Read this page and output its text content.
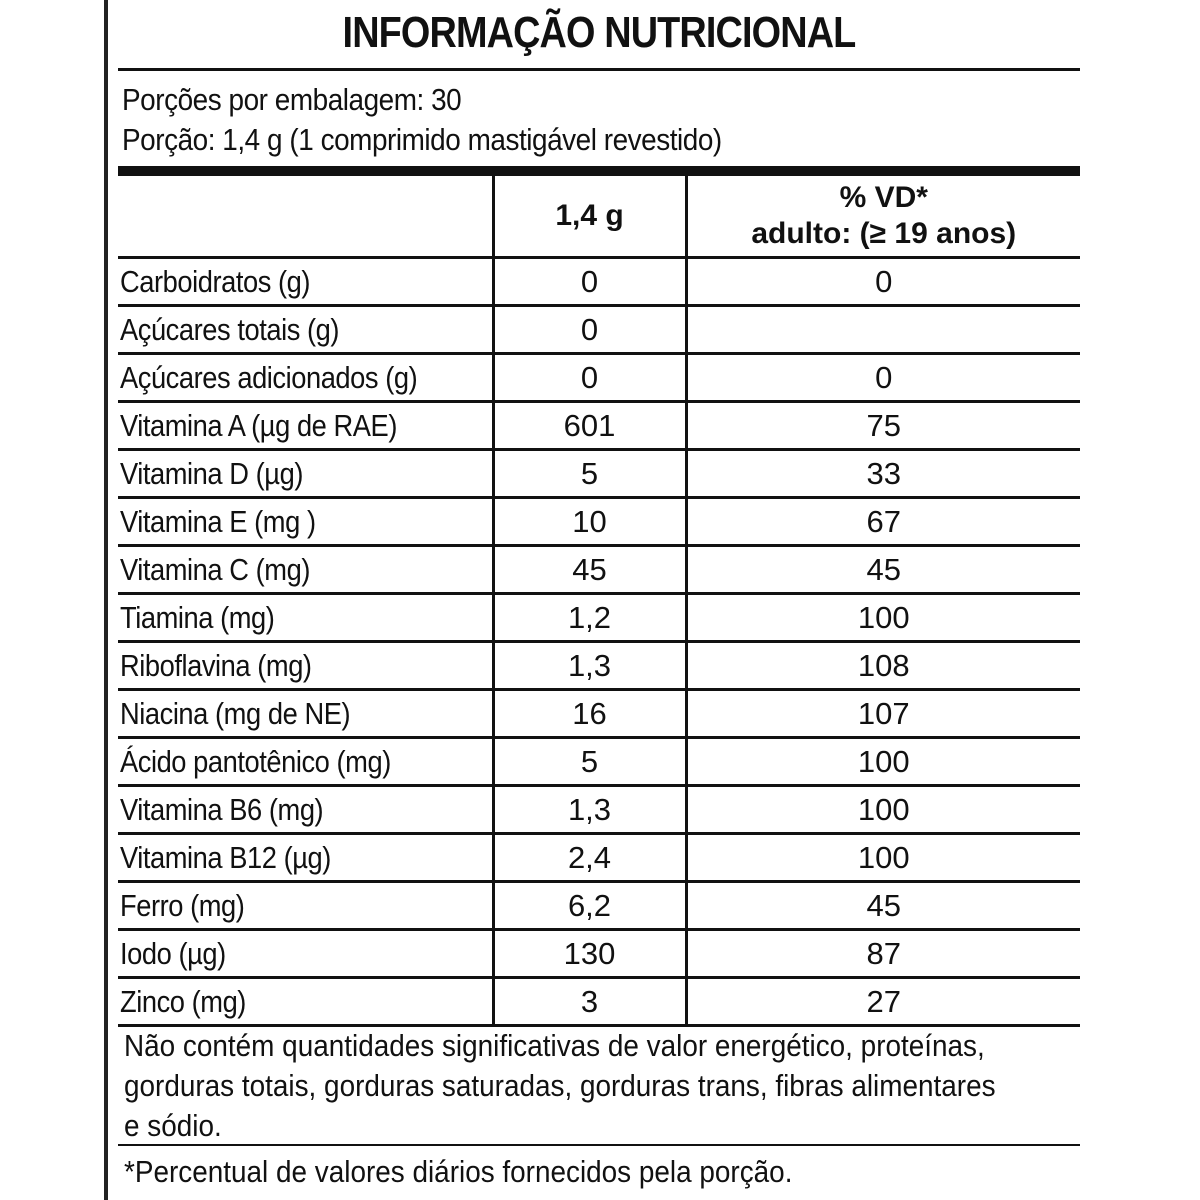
INFORMAÇÃO NUTRICIONAL
Porções por embalagem: 30
Porção: 1,4 g (1 comprimido mastigável revestido)
	1,4 g	% VD*
adulto: (≥ 19 anos)

Carboidratos (g)	0	0
Açúcares totais (g)	0	
Açúcares adicionados (g)	0	0
Vitamina A (µg de RAE)	601	75
Vitamina D (µg)	5	33
Vitamina E (mg )	10	67
Vitamina C (mg)	45	45
Tiamina (mg)	1,2	100
Riboflavina (mg)	1,3	108
Niacina (mg de NE)	16	107
Ácido pantotênico (mg)	5	100
Vitamina B6 (mg)	1,3	100
Vitamina B12 (µg)	2,4	100
Ferro (mg)	6,2	45
Iodo (µg)	130	87
Zinco (mg)	3	27
Não contém quantidades significativas de valor energético, proteínas, gorduras totais, gorduras saturadas, gorduras trans, fibras alimentares e sódio.
*Percentual de valores diários fornecidos pela porção.
